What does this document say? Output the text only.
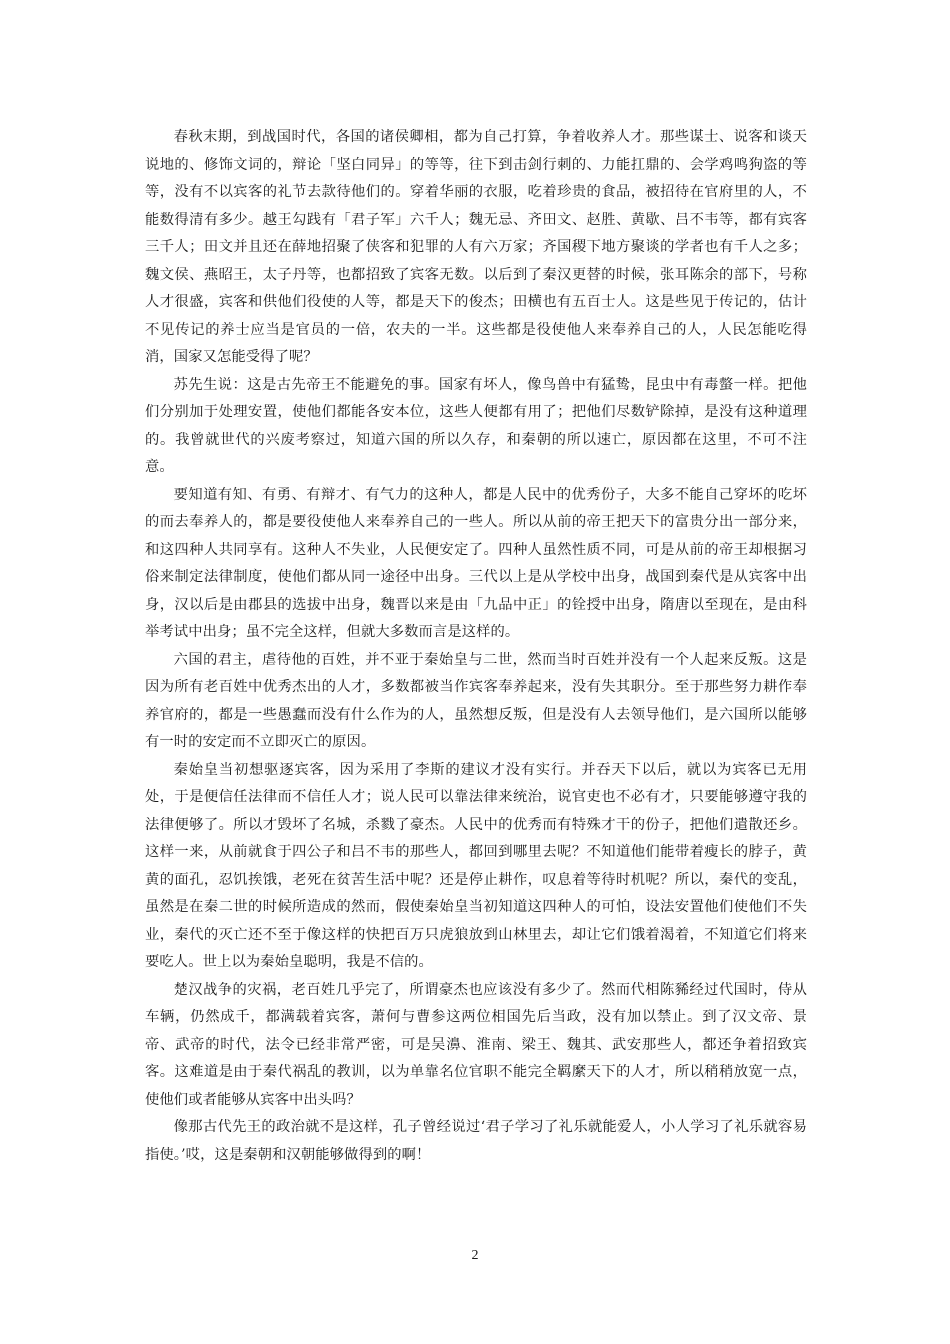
春秋末期，到战国时代，各国的诸侯卿相，都为自己打算，争着收养人才。那些谋士、说客和谈天说地的、修饰文词的，辩论「坚白同异」的等等，往下到击剑行刺的、力能扛鼎的、会学鸡鸣狗盗的等等，没有不以宾客的礼节去款待他们的。穿着华丽的衣服，吃着珍贵的食品，被招待在官府里的人，不能数得清有多少。越王勾践有「君子军」六千人；魏无忌、齐田文、赵胜、黄歇、吕不韦等，都有宾客三千人；田文并且还在薛地招聚了侠客和犯罪的人有六万家；齐国稷下地方聚谈的学者也有千人之多；魏文侯、燕昭王，太子丹等，也都招致了宾客无数。以后到了秦汉更替的时候，张耳陈余的部下，号称人才很盛，宾客和供他们役使的人等，都是天下的俊杰；田横也有五百士人。这是些见于传记的，估计不见传记的养士应当是官员的一倍，农夫的一半。这些都是役使他人来奉养自己的人，人民怎能吃得消，国家又怎能受得了呢？

苏先生说：这是古先帝王不能避免的事。国家有坏人，像鸟兽中有猛鸷，昆虫中有毒螫一样。把他们分别加于处理安置，使他们都能各安本位，这些人便都有用了；把他们尽数铲除掉，是没有这种道理的。我曾就世代的兴废考察过，知道六国的所以久存，和秦朝的所以速亡，原因都在这里，不可不注意。

要知道有知、有勇、有辩才、有气力的这种人，都是人民中的优秀份子，大多不能自己穿坏的吃坏的而去奉养人的，都是要役使他人来奉养自己的一些人。所以从前的帝王把天下的富贵分出一部分来，和这四种人共同享有。这种人不失业，人民便安定了。四种人虽然性质不同，可是从前的帝王却根据习俗来制定法律制度，使他们都从同一途径中出身。三代以上是从学校中出身，战国到秦代是从宾客中出身，汉以后是由郡县的选拔中出身，魏晋以来是由「九品中正」的铨授中出身，隋唐以至现在，是由科举考试中出身；虽不完全这样，但就大多数而言是这样的。

六国的君主，虐待他的百姓，并不亚于秦始皇与二世，然而当时百姓并没有一个人起来反叛。这是因为所有老百姓中优秀杰出的人才，多数都被当作宾客奉养起来，没有失其职分。至于那些努力耕作奉养官府的，都是一些愚蠢而没有什么作为的人，虽然想反叛，但是没有人去领导他们，是六国所以能够有一时的安定而不立即灭亡的原因。

秦始皇当初想驱逐宾客，因为采用了李斯的建议才没有实行。并吞天下以后，就以为宾客已无用处，于是便信任法律而不信任人才；说人民可以靠法律来统治，说官吏也不必有才，只要能够遵守我的法律便够了。所以才毁坏了名城，杀戮了豪杰。人民中的优秀而有特殊才干的份子，把他们遣散还乡。这样一来，从前就食于四公子和吕不韦的那些人，都回到哪里去呢？不知道他们能带着瘦长的脖子，黄黄的面孔，忍饥挨饿，老死在贫苦生活中呢？还是停止耕作，叹息着等待时机呢？所以，秦代的变乱，虽然是在秦二世的时候所造成的然而，假使秦始皇当初知道这四种人的可怕，设法安置他们使他们不失业，秦代的灭亡还不至于像这样的快把百万只虎狼放到山林里去，却让它们饿着渴着，不知道它们将来要吃人。世上以为秦始皇聪明，我是不信的。

楚汉战争的灾祸，老百姓几乎完了，所谓豪杰也应该没有多少了。然而代相陈豨经过代国时，侍从车辆，仍然成千，都满载着宾客，萧何与曹参这两位相国先后当政，没有加以禁止。到了汉文帝、景帝、武帝的时代，法令已经非常严密，可是吴濞、淮南、梁王、魏其、武安那些人，都还争着招致宾客。这难道是由于秦代祸乱的教训，以为单靠名位官职不能完全羁縻天下的人才，所以稍稍放宽一点，使他们或者能够从宾客中出头吗？

像那古代先王的政治就不是这样，孔子曾经说过‘君子学习了礼乐就能爱人，小人学习了礼乐就容易指使。’哎，这是秦朝和汉朝能够做得到的啊！

2
